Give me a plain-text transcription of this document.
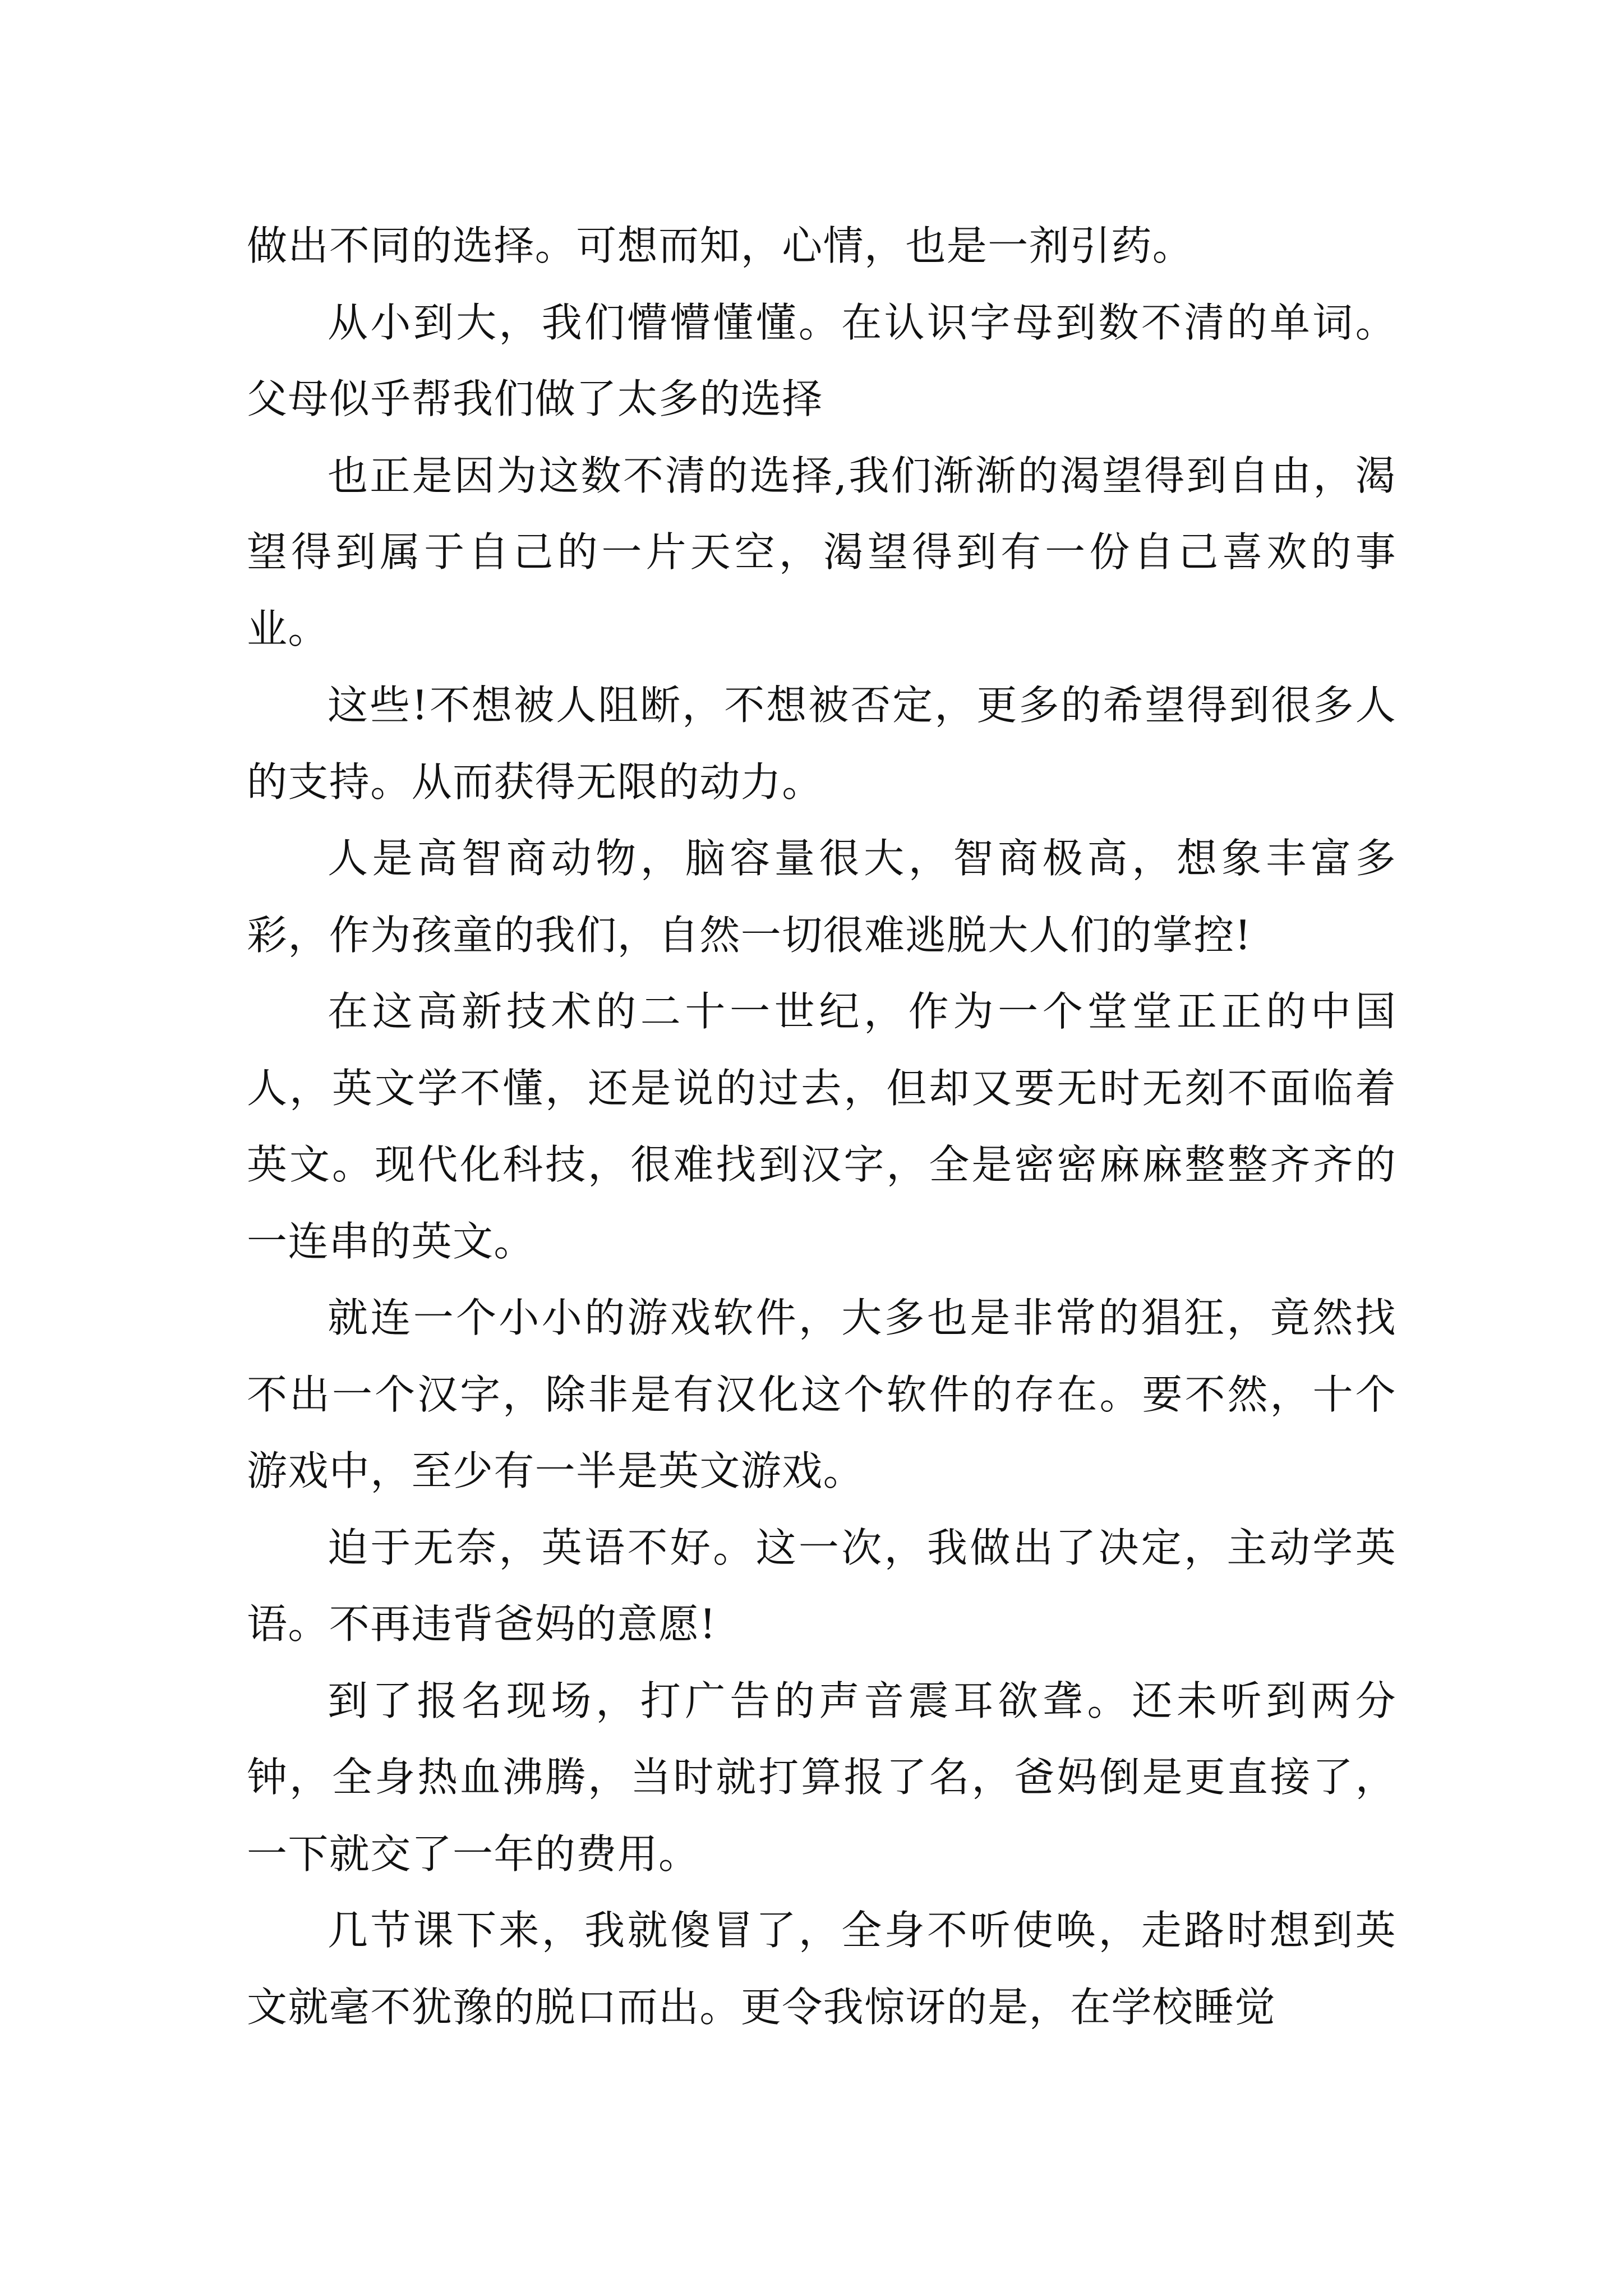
做出不同的选择。可想而知，心情，也是一剂引药。

从小到大，我们懵懵懂懂。在认识字母到数不清的单词。父母似乎帮我们做了太多的选择

也正是因为这数不清的选择,我们渐渐的渴望得到自由，渴望得到属于自己的一片天空，渴望得到有一份自己喜欢的事业。

这些!不想被人阻断，不想被否定，更多的希望得到很多人的支持。从而获得无限的动力。

人是高智商动物，脑容量很大，智商极高，想象丰富多彩，作为孩童的我们，自然一切很难逃脱大人们的掌控!

在这高新技术的二十一世纪，作为一个堂堂正正的中国人，英文学不懂，还是说的过去，但却又要无时无刻不面临着英文。现代化科技，很难找到汉字，全是密密麻麻整整齐齐的一连串的英文。

就连一个小小的游戏软件，大多也是非常的猖狂，竟然找不出一个汉字，除非是有汉化这个软件的存在。要不然，十个游戏中，至少有一半是英文游戏。

迫于无奈，英语不好。这一次，我做出了决定，主动学英语。不再违背爸妈的意愿!

到了报名现场，打广告的声音震耳欲聋。还未听到两分钟，全身热血沸腾，当时就打算报了名，爸妈倒是更直接了，一下就交了一年的费用。

几节课下来，我就傻冒了，全身不听使唤，走路时想到英文就毫不犹豫的脱口而出。更令我惊讶的是，在学校睡觉
